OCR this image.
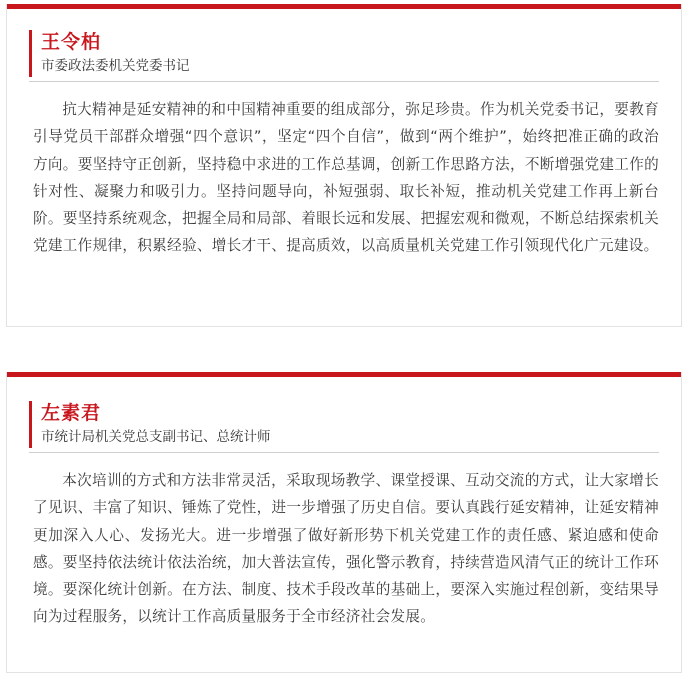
王令柏
市委政法委机关党委书记
抗大精神是延安精神的和中国精神重要的组成部分，弥足珍贵。作为机关党委书记，要教育引导党员干部群众增强“四个意识”，坚定“四个自信”，做到“两个维护”，始终把准正确的政治方向。要坚持守正创新，坚持稳中求进的工作总基调，创新工作思路方法，不断增强党建工作的针对性、凝聚力和吸引力。坚持问题导向，补短强弱、取长补短，推动机关党建工作再上新台阶。要坚持系统观念，把握全局和局部、着眼长远和发展、把握宏观和微观，不断总结探索机关党建工作规律，积累经验、增长才干、提高质效，以高质量机关党建工作引领现代化广元建设。
左素君
市统计局机关党总支副书记、总统计师
本次培训的方式和方法非常灵活，采取现场教学、课堂授课、互动交流的方式，让大家增长了见识、丰富了知识、锤炼了党性，进一步增强了历史自信。要认真践行延安精神，让延安精神更加深入人心、发扬光大。进一步增强了做好新形势下机关党建工作的责任感、紧迫感和使命感。要坚持依法统计依法治统，加大普法宣传，强化警示教育，持续营造风清气正的统计工作环境。要深化统计创新。在方法、制度、技术手段改革的基础上，要深入实施过程创新，变结果导向为过程服务，以统计工作高质量服务于全市经济社会发展。
